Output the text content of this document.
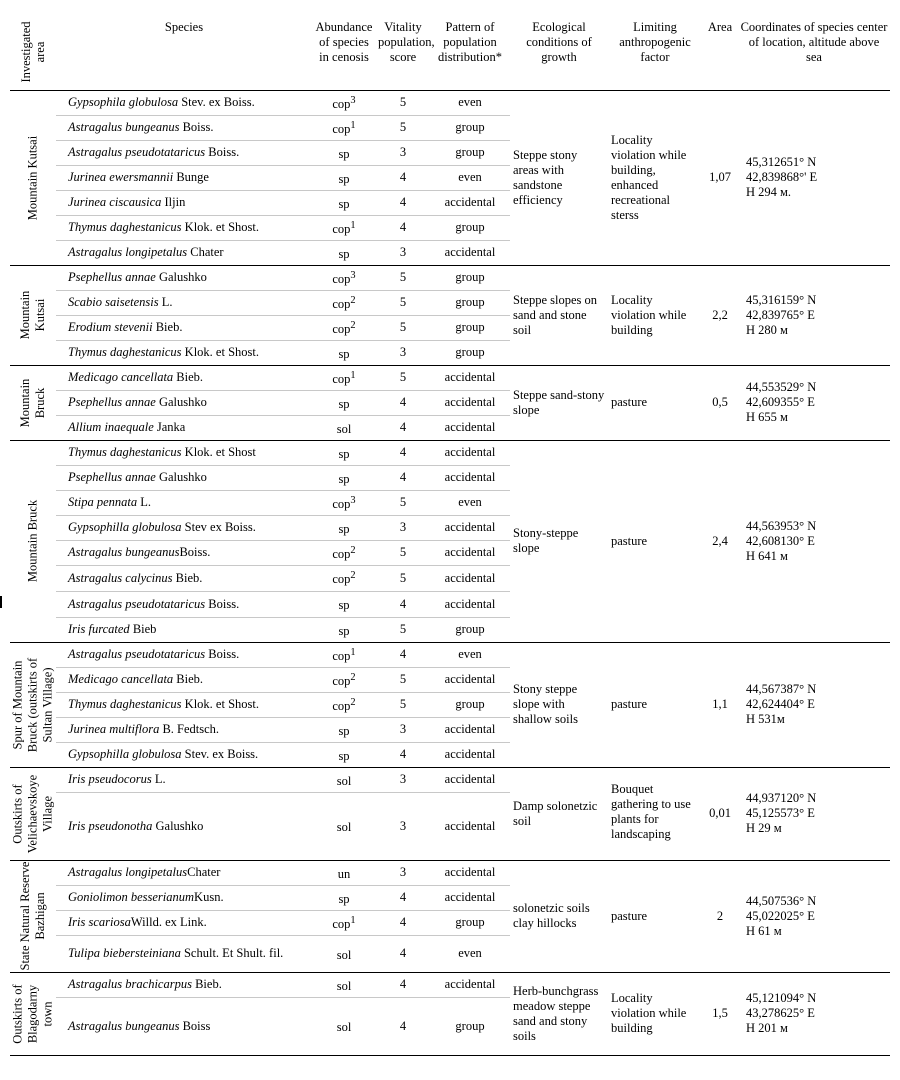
Investigated area	Species	Abundance of species in cenosis	Vitality population, score	Pattern of population distribution*	Ecological conditions of growth	Limiting anthropogenic factor	Area	Coordinates of species center of location, altitude above sea

Mountain Kutsai	Gypsophila globulosa Stev. ex Boiss.	cop$^3$	5	even	Steppe stony areas with sandstone efficiency	Locality violation while building, enhanced recreational sterss	1,07	45,312651° N
42,839868°' E
H 294 м.

	Astragalus bungeanus Boiss.	cop$^1$	5	group				
	Astragalus pseudotataricus Boiss.	sp	3	group				
	Jurinea ewersmannii Bunge	sp	4	even				
	Jurinea ciscausica Iljin	sp	4	accidental				
	Thymus daghestanicus Klok. et Shost.	cop$^1$	4	group				
	Astragalus longipetalus Chater	sp	3	accidental				

Mountain Kutsai	Psephellus annae Galushko	cop$^3$	5	group	Steppe slopes on sand and stone soil	Locality violation while building	2,2	45,316159° N
42,839765° E
H 280 м

	Scabio saisetensis L.	cop$^2$	5	group				
	Erodium stevenii Bieb.	cop$^2$	5	group				
	Thymus daghestanicus Klok. et Shost.	sp	3	group				

Mountain Bruck	Medicago cancellata Bieb.	cop$^1$	5	accidental	Steppe sand-stony slope	pasture	0,5	44,553529° N
42,609355° E
H 655 м

	Psephellus annae Galushko	sp	4	accidental				
	Allium inaequale Janka	sol	4	accidental				

Mountain Bruck	Thymus daghestanicus Klok. et Shost	sp	4	accidental	Stony-steppe slope	pasture	2,4	44,563953° N
42,608130° E
H 641 м

	Psephellus annae Galushko	sp	4	accidental				
	Stipa pennata L.	cop$^3$	5	even				
	Gypsophilla globulosa Stev ex Boiss.	sp	3	accidental				
	Astragalus bungeanusBoiss.	cop$^2$	5	accidental				
	Astragalus calycinus Bieb.	cop$^2$	5	accidental				
	Astragalus pseudotataricus Boiss.	sp	4	accidental				
	Iris furcated Bieb	sp	5	group				

Spur of Mountain Bruck (outskirts of Sultan Village)	Astragalus pseudotataricus Boiss.	cop$^1$	4	even	Stony steppe slope with shallow soils	pasture	1,1	44,567387° N
42,624404° E
H 531м

	Medicago cancellata Bieb.	cop$^2$	5	accidental				
	Thymus daghestanicus Klok. et Shost.	cop$^2$	5	group				
	Jurinea multiflora B. Fedtsch.	sp	3	accidental				
	Gypsophilla globulosa Stev. ex Boiss.	sp	4	accidental				

Outskirts of Velichaevskoye Village	Iris pseudocorus L.	sol	3	accidental	Damp solonetzic soil	Bouquet gathering to use plants for landscaping	0,01	44,937120° N
45,125573° E
H 29 м

	Iris pseudonotha Galushko	sol	3	accidental				

State Natural Reserve Bazhigan	Astragalus longipetalusChater	un	3	accidental	solonetzic soils clay hillocks	pasture	2	44,507536° N
45,022025° E
H 61 м

	Goniolimon besserianumKusn.	sp	4	accidental				
	Iris scariosaWilld. ex Link.	cop$^1$	4	group				
	Tulipa biebersteiniana Schult. Et Shult. fil.	sol	4	even				

Outskirts of Blagodarny town	Astragalus brachicarpus Bieb.	sol	4	accidental	Herb-bunchgrass meadow steppe sand and stony soils	Locality violation while building	1,5	45,121094° N
43,278625° E
H 201 м

	Astragalus bungeanus Boiss	sol	4	group				
